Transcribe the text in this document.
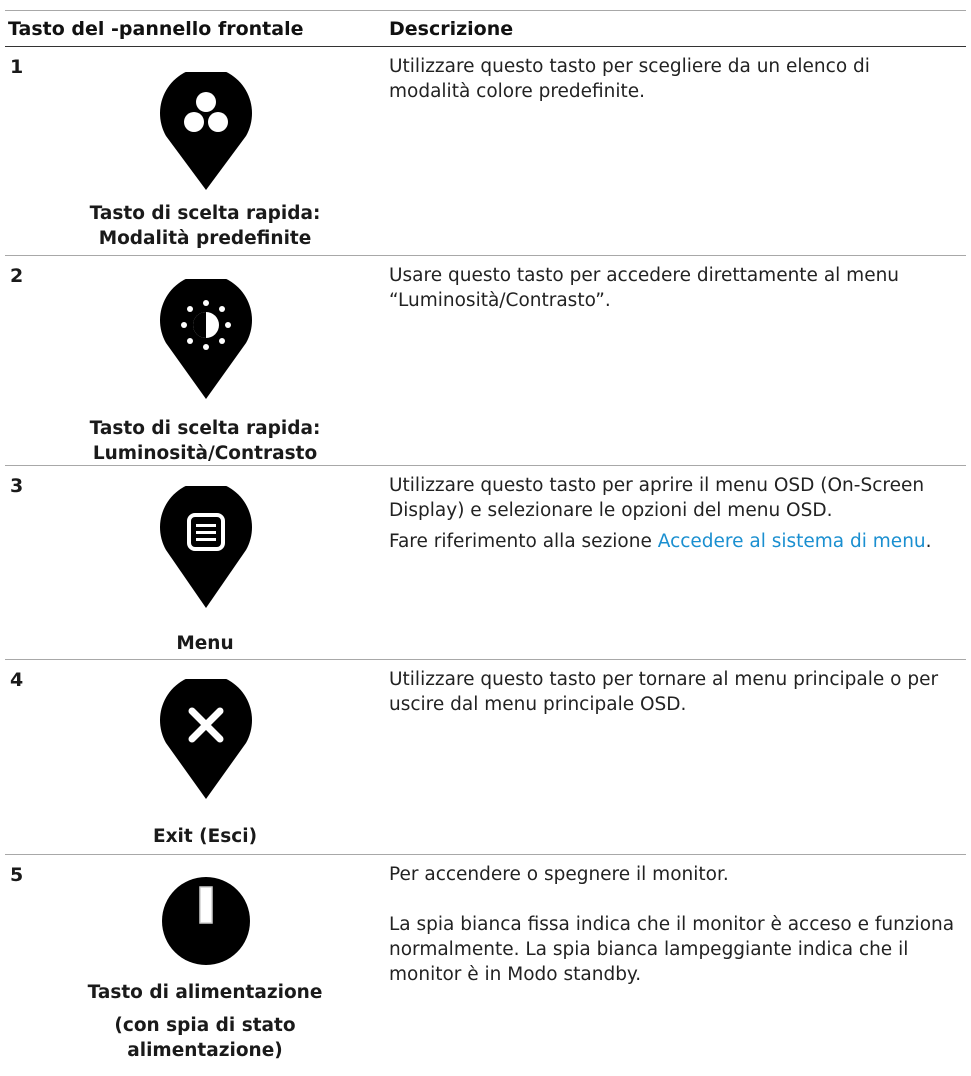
Tasto del -pannello frontale	Descrizione
1
Tasto di scelta rapida:
Modalità predefinite

Utilizzare questo tasto per scegliere da un elenco di modalità colore predefinite.

2
Tasto di scelta rapida:
Luminosità/Contrasto

Usare questo tasto per accedere direttamente al menu “Luminosità/Contrasto”.

3
Menu

Utilizzare questo tasto per aprire il menu OSD (On-Screen Display) e selezionare le opzioni del menu OSD.

Fare riferimento alla sezione Accedere al sistema di menu.

4
Exit (Esci)

Utilizzare questo tasto per tornare al menu principale o per uscire dal menu principale OSD.

5
Tasto di alimentazione
(con spia di stato
alimentazione)

Per accendere o spegnere il monitor.

La spia bianca fissa indica che il monitor è acceso e funziona normalmente. La spia bianca lampeggiante indica che il monitor è in Modo standby.
